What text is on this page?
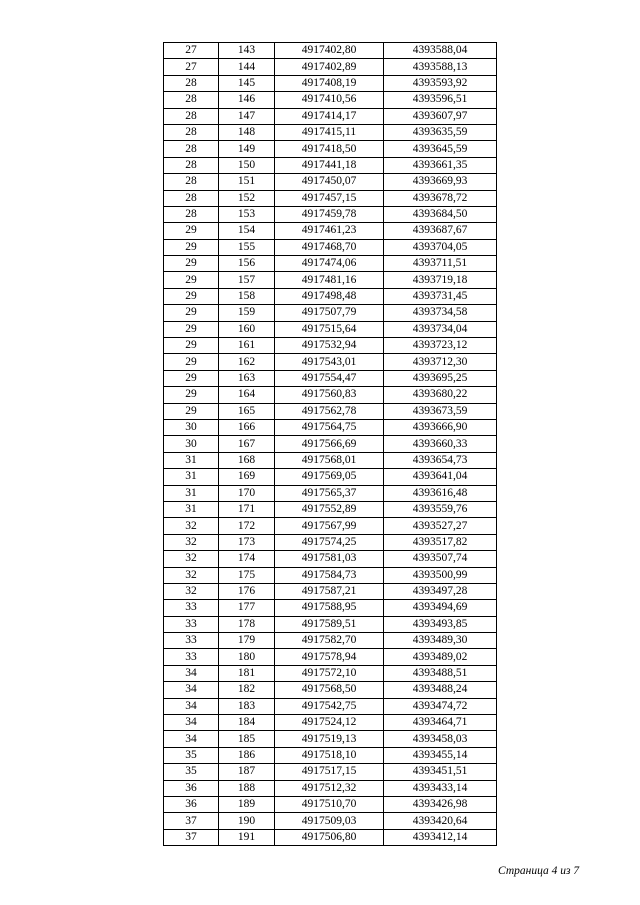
27	143	4917402,80	4393588,04
27	144	4917402,89	4393588,13
28	145	4917408,19	4393593,92
28	146	4917410,56	4393596,51
28	147	4917414,17	4393607,97
28	148	4917415,11	4393635,59
28	149	4917418,50	4393645,59
28	150	4917441,18	4393661,35
28	151	4917450,07	4393669,93
28	152	4917457,15	4393678,72
28	153	4917459,78	4393684,50
29	154	4917461,23	4393687,67
29	155	4917468,70	4393704,05
29	156	4917474,06	4393711,51
29	157	4917481,16	4393719,18
29	158	4917498,48	4393731,45
29	159	4917507,79	4393734,58
29	160	4917515,64	4393734,04
29	161	4917532,94	4393723,12
29	162	4917543,01	4393712,30
29	163	4917554,47	4393695,25
29	164	4917560,83	4393680,22
29	165	4917562,78	4393673,59
30	166	4917564,75	4393666,90
30	167	4917566,69	4393660,33
31	168	4917568,01	4393654,73
31	169	4917569,05	4393641,04
31	170	4917565,37	4393616,48
31	171	4917552,89	4393559,76
32	172	4917567,99	4393527,27
32	173	4917574,25	4393517,82
32	174	4917581,03	4393507,74
32	175	4917584,73	4393500,99
32	176	4917587,21	4393497,28
33	177	4917588,95	4393494,69
33	178	4917589,51	4393493,85
33	179	4917582,70	4393489,30
33	180	4917578,94	4393489,02
34	181	4917572,10	4393488,51
34	182	4917568,50	4393488,24
34	183	4917542,75	4393474,72
34	184	4917524,12	4393464,71
34	185	4917519,13	4393458,03
35	186	4917518,10	4393455,14
35	187	4917517,15	4393451,51
36	188	4917512,32	4393433,14
36	189	4917510,70	4393426,98
37	190	4917509,03	4393420,64
37	191	4917506,80	4393412,14
Страница 4 из 7
